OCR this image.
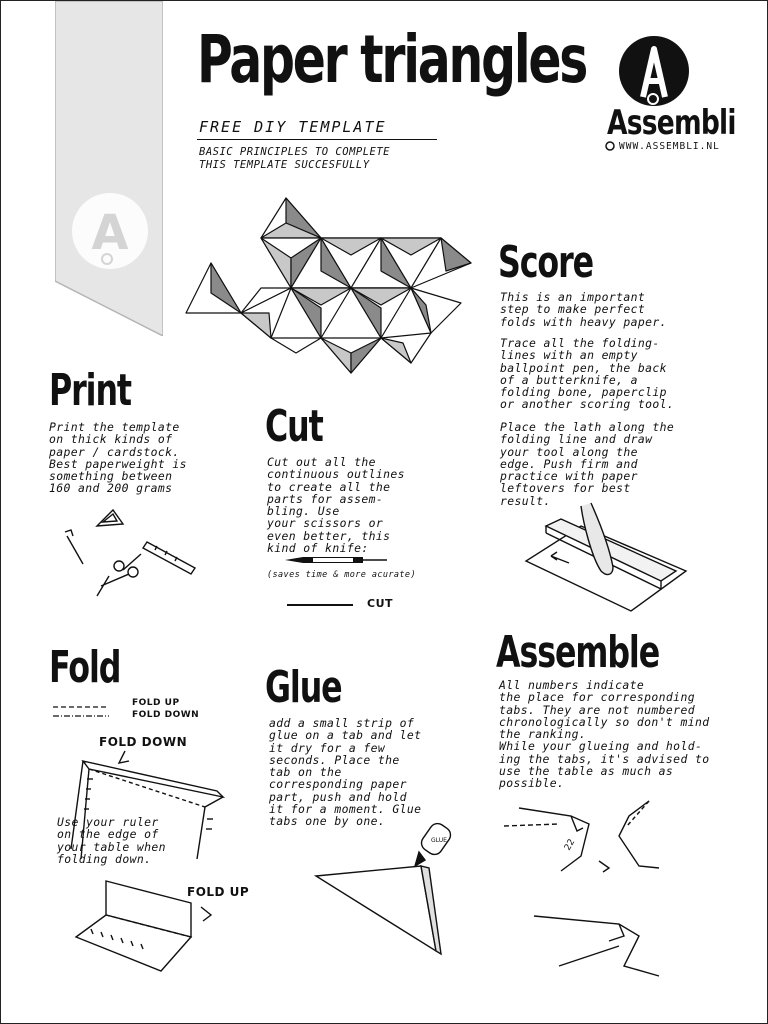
A
Paper triangles
FREE DIY TEMPLATE
BASIC PRINCIPLES TO COMPLETE
THIS TEMPLATE SUCCESFULLY
Assembli
WWW.ASSEMBLI.NL
Score
This is an important
step to make perfect
folds with heavy paper.
Trace all the folding-
lines with an empty
ballpoint pen, the back
of a butterknife, a
folding bone, paperclip
or another scoring tool.
Place the lath along the
folding line and draw
your tool along the
edge. Push firm and
practice with paper
leftovers for best
result.
Print
Print the template
on thick kinds of
paper / cardstock.
Best paperweight is
something between
160 and 200 grams
Cut
Cut out all the
continuous outlines
to create all the
parts for assem-
bling. Use
your scissors or
even better, this
kind of knife:
(saves time & more acurate)
CUT
Fold
FOLD UP
FOLD DOWN
FOLD DOWN
Use your ruler
on the edge of
your table when
folding down.
FOLD UP
Glue
add a small strip of
glue on a tab and let
it dry for a few
seconds. Place the
tab on the
corresponding paper
part, push and hold
it for a moment. Glue
tabs one by one.
GLUE
Assemble
All numbers indicate
the place for corresponding
tabs. They are not numbered
chronologically so don't mind
the ranking.
While your glueing and hold-
ing the tabs, it's advised to
use the table as much as
possible.
22
